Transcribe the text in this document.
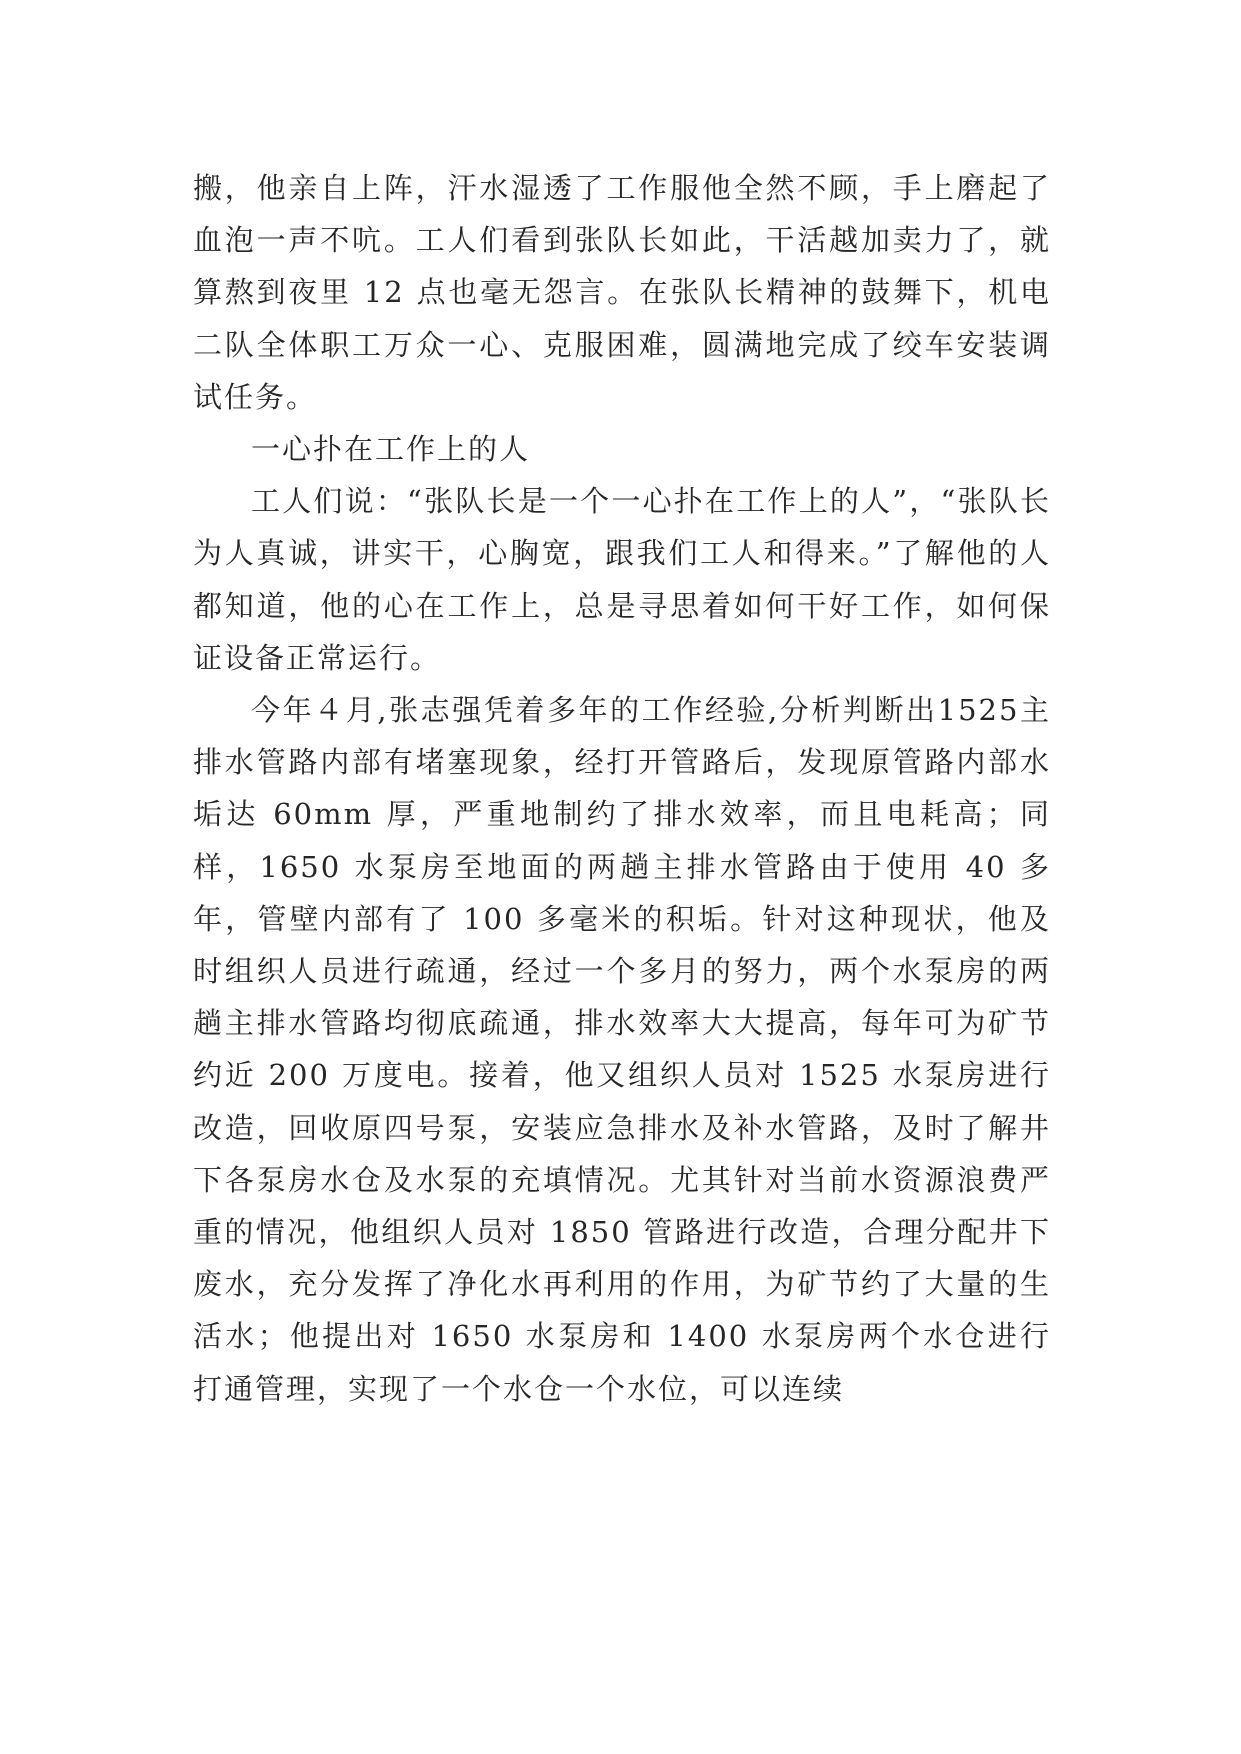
搬，他亲自上阵，汗水湿透了工作服他全然不顾，手上磨起了血泡一声不吭。工人们看到张队长如此，干活越加卖力了，就算熬到夜里 12 点也毫无怨言。在张队长精神的鼓舞下，机电二队全体职工万众一心、克服困难，圆满地完成了绞车安装调试任务。

一心扑在工作上的人

工人们说：“张队长是一个一心扑在工作上的人”，“张队长为人真诚，讲实干，心胸宽，跟我们工人和得来。”了解他的人都知道，他的心在工作上，总是寻思着如何干好工作，如何保证设备正常运行。

今年４月,张志强凭着多年的工作经验,分析判断出1525主排水管路内部有堵塞现象，经打开管路后，发现原管路内部水垢达 60mm 厚，严重地制约了排水效率，而且电耗高；同样，1650 水泵房至地面的两趟主排水管路由于使用 40 多年，管壁内部有了 100 多毫米的积垢。针对这种现状，他及时组织人员进行疏通，经过一个多月的努力，两个水泵房的两趟主排水管路均彻底疏通，排水效率大大提高，每年可为矿节约近 200 万度电。接着，他又组织人员对 1525 水泵房进行改造，回收原四号泵，安装应急排水及补水管路，及时了解井下各泵房水仓及水泵的充填情况。尤其针对当前水资源浪费严重的情况，他组织人员对 1850 管路进行改造，合理分配井下废水，充分发挥了净化水再利用的作用，为矿节约了大量的生活水；他提出对 1650 水泵房和 1400 水泵房两个水仓进行打通管理，实现了一个水仓一个水位，可以连续
